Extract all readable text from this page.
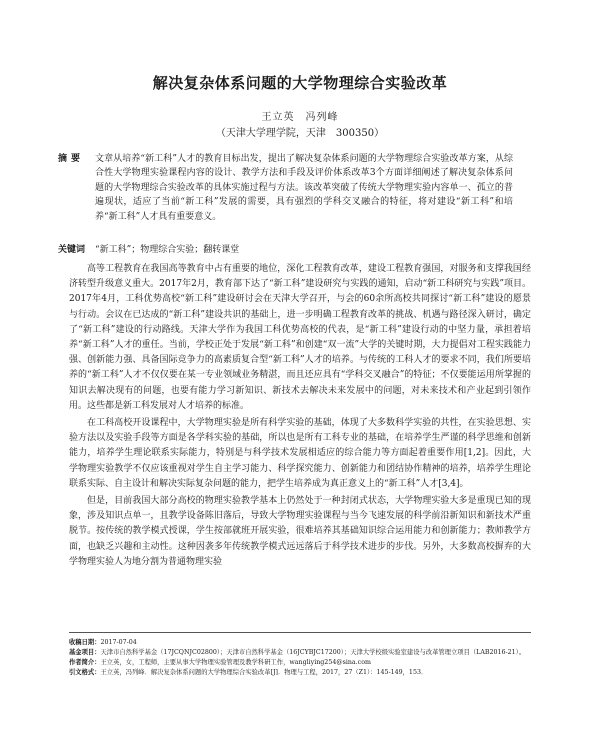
解决复杂体系问题的大学物理综合实验改革
王立英　冯列峰
（天津大学理学院，天津　300350）
摘要 文章从培养“新工科”人才的教育目标出发，提出了解决复杂体系问题的大学物理综合实验改革方案，从综合性大学物理实验课程内容的设计、教学方法和手段及评价体系改革3个方面详细阐述了解决复杂体系问题的大学物理综合实验改革的具体实施过程与方法。该改革突破了传统大学物理实验内容单一、孤立的普遍现状，适应了当前“新工科”发展的需要，具有强烈的学科交叉融合的特征，将对建设“新工科”和培养“新工科”人才具有重要意义。
关键词 “新工科”；物理综合实验；翻转课堂

高等工程教育在我国高等教育中占有重要的地位，深化工程教育改革，建设工程教育强国，对服务和支撑我国经济转型升级意义重大。2017年2月，教育部下达了“新工科”建设研究与实践的通知，启动“新工科研究与实践”项目。2017年4月，工科优势高校“新工科”建设研讨会在天津大学召开，与会的60余所高校共同探讨“新工科”建设的愿景与行动。会议在已达成的“新工科”建设共识的基础上，进一步明确工程教育改革的挑战、机遇与路径深入研讨，确定了“新工科”建设的行动路线。天津大学作为我国工科优势高校的代表，是“新工科”建设行动的中坚力量，承担着培养“新工科”人才的重任。当前，学校正处于发展“新工科”和创建“双一流”大学的关键时期，大力提倡对工程实践能力强、创新能力强、具备国际竞争力的高素质复合型“新工科”人才的培养。与传统的工科人才的要求不同，我们所要培养的“新工科”人才不仅仅要在某一专业领域业务精湛，而且还应具有“学科交叉融合”的特征；不仅要能运用所掌握的知识去解决现有的问题，也要有能力学习新知识、新技术去解决未来发展中的问题，对未来技术和产业起到引领作用。这些都是新工科发展对人才培养的标准。

在工科高校开设课程中，大学物理实验是所有科学实验的基础，体现了大多数科学实验的共性，在实验思想、实验方法以及实验手段等方面是各学科实验的基础，所以也是所有工科专业的基础，在培养学生严谨的科学思维和创新能力，培养学生理论联系实际能力，特别是与科学技术发展相适应的综合能力等方面起着重要作用[1,2]。因此，大学物理实验教学不仅应该重视对学生自主学习能力、科学探究能力、创新能力和团结协作精神的培养，培养学生理论联系实际、自主设计和解决实际复杂问题的能力，把学生培养成为真正意义上的“新工科”人才[3,4]。

但是，目前我国大部分高校的物理实验教学基本上仍然处于一种封闭式状态，大学物理实验大多是重现已知的现象，涉及知识点单一，且教学设备陈旧落后，导致大学物理实验课程与当今飞速发展的科学前沿新知识和新技术严重脱节。按传统的教学模式授课，学生按部就班开展实验，很难培养其基础知识综合运用能力和创新能力；教师教学方面，也缺乏兴趣和主动性。这种因袭多年传统教学模式远远落后于科学技术进步的步伐。另外，大多数高校摒弃的大学物理实验人为地分割为普通物理实验

收稿日期：2017-07-04

基金项目：天津市自然科学基金（17JCQNJC02800）；天津市自然科学基金（16JCYBJC17200）；天津大学校级实验室建设与改革管理立项目（LAB2016-21）。

作者简介：王立英，女，工程师，主要从事大学物理实验管理及教学科研工作，wangliying254@sina.com

引文格式：王立英，冯列峰．解决复杂体系问题的大学物理综合实验改革[J]．物理与工程，2017，27（Z1）：145-149，153．
